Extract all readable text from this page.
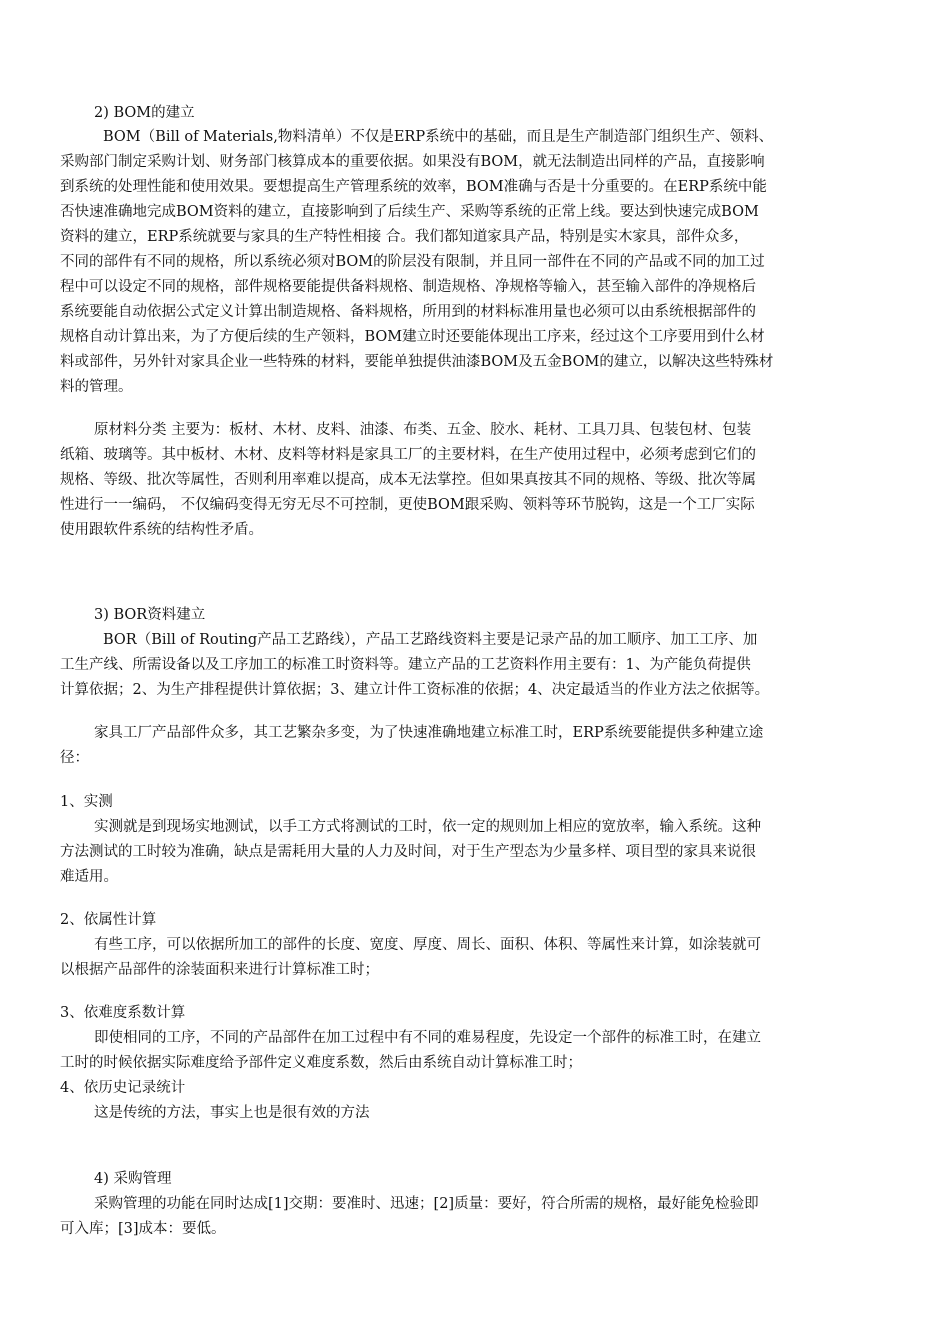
2) BOM的建立
BOM（Bill of Materials,物料清单）不仅是ERP系统中的基础，而且是生产制造部门组织生产、领料、
采购部门制定采购计划、财务部门核算成本的重要依据。如果没有BOM，就无法制造出同样的产品，直接影响
到系统的处理性能和使用效果。要想提高生产管理系统的效率，BOM准确与否是十分重要的。在ERP系统中能
否快速准确地完成BOM资料的建立，直接影响到了后续生产、采购等系统的正常上线。要达到快速完成BOM
资料的建立，ERP系统就要与家具的生产特性相接 合。我们都知道家具产品，特别是实木家具，部件众多，
不同的部件有不同的规格，所以系统必须对BOM的阶层没有限制，并且同一部件在不同的产品或不同的加工过
程中可以设定不同的规格，部件规格要能提供备料规格、制造规格、净规格等输入，甚至输入部件的净规格后
系统要能自动依据公式定义计算出制造规格、备料规格，所用到的材料标准用量也必须可以由系统根据部件的
规格自动计算出来，为了方便后续的生产领料，BOM建立时还要能体现出工序来，经过这个工序要用到什么材
料或部件，另外针对家具企业一些特殊的材料，要能单独提供油漆BOM及五金BOM的建立，以解决这些特殊材
料的管理。
原材料分类 主要为：板材、木材、皮料、油漆、布类、五金、胶水、耗材、工具刀具、包装包材、包装
纸箱、玻璃等。其中板材、木材、皮料等材料是家具工厂的主要材料，在生产使用过程中，必须考虑到它们的
规格、等级、批次等属性，否则利用率难以提高，成本无法掌控。但如果真按其不同的规格、等级、批次等属
性进行一一编码， 不仅编码变得无穷无尽不可控制，更使BOM跟采购、领料等环节脱钩，这是一个工厂实际
使用跟软件系统的结构性矛盾。
3) BOR资料建立
BOR（Bill of Routing产品工艺路线），产品工艺路线资料主要是记录产品的加工顺序、加工工序、加
工生产线、所需设备以及工序加工的标准工时资料等。建立产品的工艺资料作用主要有：1、为产能负荷提供
计算依据；2、为生产排程提供计算依据；3、建立计件工资标准的依据；4、决定最适当的作业方法之依据等。
家具工厂产品部件众多，其工艺繁杂多变，为了快速准确地建立标准工时，ERP系统要能提供多种建立途
径：
1、实测
实测就是到现场实地测试，以手工方式将测试的工时，依一定的规则加上相应的宽放率，输入系统。这种
方法测试的工时较为准确，缺点是需耗用大量的人力及时间，对于生产型态为少量多样、项目型的家具来说很
难适用。
2、依属性计算
有些工序，可以依据所加工的部件的长度、宽度、厚度、周长、面积、体积、等属性来计算，如涂装就可
以根据产品部件的涂装面积来进行计算标准工时；
3、依难度系数计算
即使相同的工序，不同的产品部件在加工过程中有不同的难易程度，先设定一个部件的标准工时，在建立
工时的时候依据实际难度给予部件定义难度系数，然后由系统自动计算标准工时；
4、依历史记录统计
这是传统的方法，事实上也是很有效的方法
4) 采购管理
采购管理的功能在同时达成[1]交期：要准时、迅速；[2]质量：要好，符合所需的规格，最好能免检验即
可入库；[3]成本：要低。
